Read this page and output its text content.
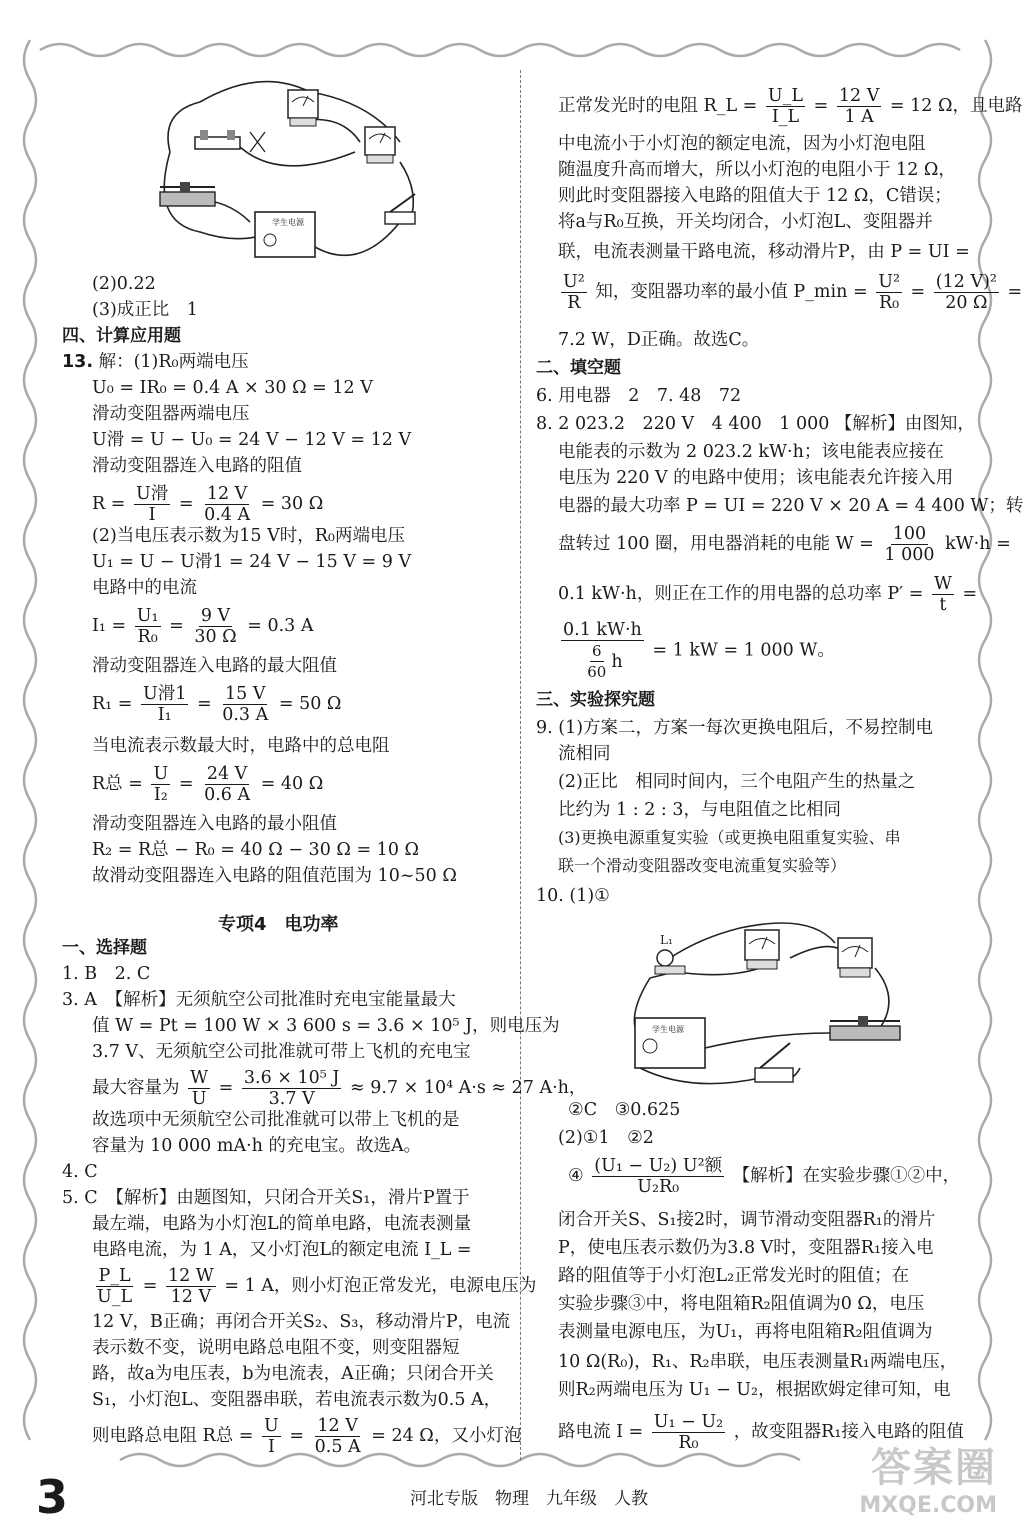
学生电源
(2)0.22
(3)成正比　1
四、计算应用题
13. 解：(1)R₀两端电压
U₀ = IR₀ = 0.4 A × 30 Ω = 12 V
滑动变阻器两端电压
U滑 = U − U₀ = 24 V − 12 V = 12 V
滑动变阻器连入电路的阻值
$R = \frac{\text{U滑}}{I} = \frac{12 V}{0.4 A} = 30$ Ω
(2)当电压表示数为15 V时，R₀两端电压
U₁ = U − U滑1 = 24 V − 15 V = 9 V
电路中的电流
$I_1 = \frac{\text{U₁}}{\text{R₀}} = \frac{9 V}{30 \Omega} = 0.3$ A
滑动变阻器连入电路的最大阻值
$R_1 = \frac{\text{U滑1}}{\text{I₁}} = \frac{15 V}{0.3 A} = 50$ Ω
当电流表示数最大时，电路中的总电阻
R总 = $\frac{U}{\text{I₂}} = \frac{24 V}{0.6 A} = 40$ Ω
滑动变阻器连入电路的最小阻值
R₂ = R总 − R₀ = 40 Ω − 30 Ω = 10 Ω
故滑动变阻器连入电路的阻值范围为 10~50 Ω
专项4　电功率
一、选择题
1. B　2. C
3. A　【解析】无须航空公司批准时充电宝能量最大
值 W = Pt = 100 W × 3 600 s = 3.6 × 10⁵ J，则电压为
3.7 V、无须航空公司批准就可带上飞机的充电宝
最大容量为 $\frac{W}{U} = \frac{\text{3.6 × 10⁵ J}}{3.7 V} \approx 9.7 \times 10^4$ A·s ≈ 27 A·h，
故选项中无须航空公司批准就可以带上飞机的是
容量为 10 000 mA·h 的充电宝。故选A。
4. C
5. C　【解析】由题图知，只闭合开关S₁，滑片P置于
最左端，电路为小灯泡L的简单电路，电流表测量
电路电流，为 1 A，又小灯泡L的额定电流 I_L =
$\frac{P\_L}{U\_L} = \frac{12 W}{12 V} = 1$ A，则小灯泡正常发光，电源电压为
12 V，B正确；再闭合开关S₂、S₃，移动滑片P，电流
表示数不变，说明电路总电阻不变，则变阻器短
路，故a为电压表，b为电流表，A正确；只闭合开关
S₁，小灯泡L、变阻器串联，若电流表示数为0.5 A，
则电路总电阻 R总 = $\frac{U}{I} = \frac{12 V}{0.5 A} = 24$ Ω，又小灯泡
正常发光时的电阻 R_L = $\frac{U\_L}{I\_L} = \frac{12 V}{1 A} = 12$ Ω，且电路
中电流小于小灯泡的额定电流，因为小灯泡电阻
随温度升高而增大，所以小灯泡的电阻小于 12 Ω，
则此时变阻器接入电路的阻值大于 12 Ω，C错误；
将a与R₀互换，开关均闭合，小灯泡L、变阻器并
联，电流表测量干路电流，移动滑片P，由 P = UI =
$\frac{\text{U²}}{R}$ 知，变阻器功率的最小值 P_min = $\frac{\text{U²}}{\text{R₀}} = \frac{\text{(12 V)²}}{20 \Omega}$ =
7.2 W，D正确。故选C。
二、填空题
6. 用电器　2　7. 48　72
8. 2 023.2　220 V　4 400　1 000 【解析】由图知，
电能表的示数为 2 023.2 kW·h；该电能表应接在
电压为 220 V 的电路中使用；该电能表允许接入用
电器的最大功率 P = UI = 220 V × 20 A = 4 400 W；转
盘转过 100 圈，用电器消耗的电能 $W = \frac{100}{1 000} kW\cdot h$ =
0.1 kW·h，则正在工作的用电器的总功率 $P' = \frac{W}{t}$ =
$\frac{0.1 kW\cdot h}{\frac{6}{60} h} = 1$ kW = 1 000 W。
三、实验探究题
9. (1)方案二，方案一每次更换电阻后，不易控制电
流相同
(2)正比　相同时间内，三个电阻产生的热量之
比约为 1 : 2 : 3，与电阻值之比相同
(3)更换电源重复实验（或更换电阻重复实验、串
联一个滑动变阻器改变电流重复实验等）
10. (1)①
L₁
学生电源
②C　③0.625
(2)①1　②2
④ $\frac{\text{(U₁ − U₂) U²额}}{\text{U₂R₀}}$ 【解析】在实验步骤①②中，
闭合开关S、S₁接2时，调节滑动变阻器R₁的滑片
P，使电压表示数仍为3.8 V时，变阻器R₁接入电
路的阻值等于小灯泡L₂正常发光时的阻值；在
实验步骤③中，将电阻箱R₂阻值调为0 Ω，电压
表测量电源电压，为U₁，再将电阻箱R₂阻值调为
10 Ω(R₀)，R₁、R₂串联，电压表测量R₁两端电压，
则R₂两端电压为 U₁ − U₂，根据欧姆定律可知，电
路电流 $I = \frac{\text{U₁ − U₂}}{\text{R₀}}$ ，故变阻器R₁接入电路的阻值
3	河北专版　物理　九年级　人教
答案圈
MXQE.COM
